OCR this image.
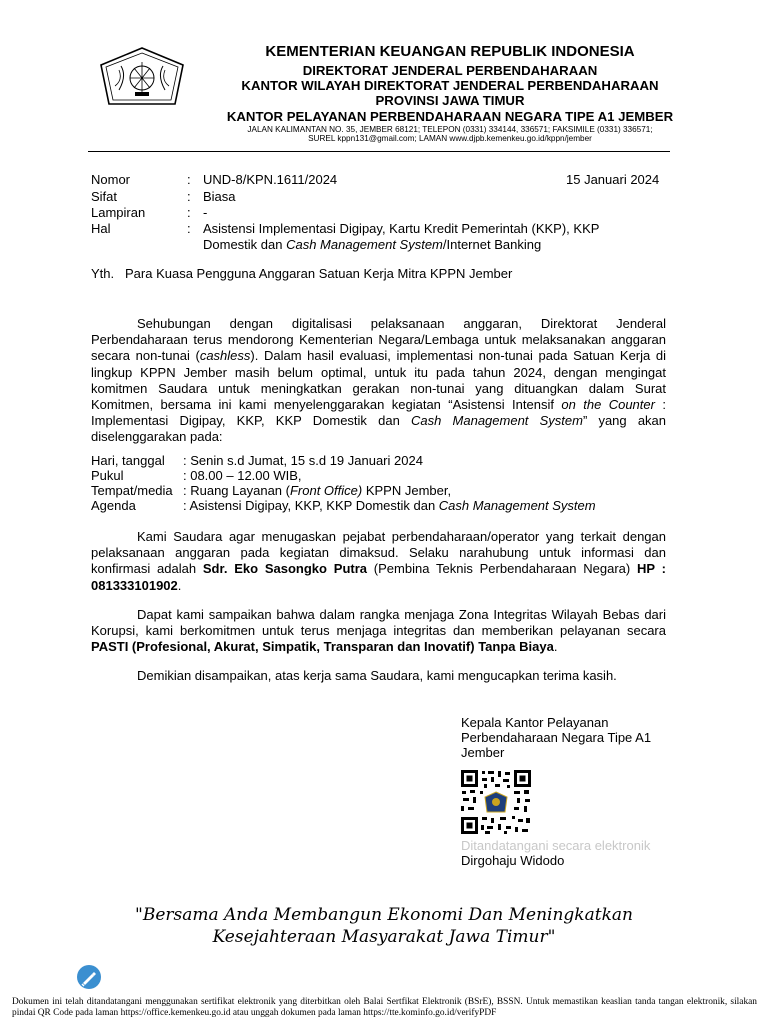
KEMENTERIAN KEUANGAN REPUBLIK INDONESIA
DIREKTORAT JENDERAL PERBENDAHARAAN
KANTOR WILAYAH DIREKTORAT JENDERAL PERBENDAHARAAN
PROVINSI JAWA TIMUR
KANTOR PELAYANAN PERBENDAHARAAN NEGARA TIPE A1 JEMBER
JALAN KALIMANTAN NO. 35, JEMBER 68121; TELEPON (0331) 334144, 336571; FAKSIMILE (0331) 336571;
SUREL kppn131@gmail.com; LAMAN www.djpb.kemenkeu.go.id/kppn/jember
Nomor	: UND-8/KPN.1611/2024	15 Januari 2024
Sifat	: Biasa
Lampiran	: -
Hal	: Asistensi Implementasi Digipay, Kartu Kredit Pemerintah (KKP), KKP
Domestik dan Cash Management System/Internet Banking
Yth. Para Kuasa Pengguna Anggaran Satuan Kerja Mitra KPPN Jember
Sehubungan dengan digitalisasi pelaksanaan anggaran, Direktorat Jenderal Perbendaharaan terus mendorong Kementerian Negara/Lembaga untuk melaksanakan anggaran secara non-tunai (cashless). Dalam hasil evaluasi, implementasi non-tunai pada Satuan Kerja di lingkup KPPN Jember masih belum optimal, untuk itu pada tahun 2024, dengan mengingat komitmen Saudara untuk meningkatkan gerakan non-tunai yang dituangkan dalam Surat Komitmen, bersama ini kami menyelenggarakan kegiatan “Asistensi Intensif on the Counter : Implementasi Digipay, KKP, KKP Domestik dan Cash Management System” yang akan diselenggarakan pada:
Hari, tanggal	: Senin s.d Jumat, 15 s.d 19 Januari 2024
Pukul	: 08.00 – 12.00 WIB,
Tempat/media : Ruang Layanan (Front Office) KPPN Jember,
Agenda	: Asistensi Digipay, KKP, KKP Domestik dan Cash Management System
Kami Saudara agar menugaskan pejabat perbendaharaan/operator yang terkait dengan pelaksanaan anggaran pada kegiatan dimaksud. Selaku narahubung untuk informasi dan konfirmasi adalah Sdr. Eko Sasongko Putra (Pembina Teknis Perbendaharaan Negara) HP : 081333101902.
Dapat kami sampaikan bahwa dalam rangka menjaga Zona Integritas Wilayah Bebas dari Korupsi, kami berkomitmen untuk terus menjaga integritas dan memberikan pelayanan secara PASTI (Profesional, Akurat, Simpatik, Transparan dan Inovatif) Tanpa Biaya.
Demikian disampaikan, atas kerja sama Saudara, kami mengucapkan terima kasih.
Kepala Kantor Pelayanan
Perbendaharaan Negara Tipe A1
Jember
Ditandatangani secara elektronik
Dirgohaju Widodo
"Bersama Anda Membangun Ekonomi Dan Meningkatkan
Kesejahteraan Masyarakat Jawa Timur"
Dokumen ini telah ditandatangani menggunakan sertifikat elektronik yang diterbitkan oleh Balai Sertfikat Elektronik (BSrE), BSSN. Untuk memastikan keaslian tanda tangan elektronik, silakan pindai QR Code pada laman https://office.kemenkeu.go.id atau unggah dokumen pada laman https://tte.kominfo.go.id/verifyPDF
